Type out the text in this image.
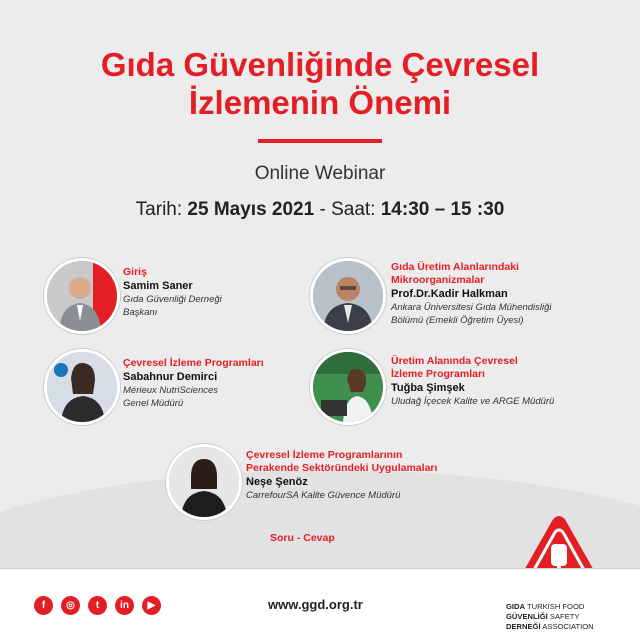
Gıda Güvenliğinde Çevresel
İzlemenin Önemi
Online Webinar
Tarih: 25 Mayıs 2021 - Saat: 14:30 – 15 :30
Giriş
Samim Saner
Gıda Güvenliği Derneği
Başkanı
Gıda Üretim Alanlarındaki
Mikroorganizmalar
Prof.Dr.Kadir Halkman
Ankara Üniversitesi Gıda Mühendisliği
Bölümü (Emekli Öğretim Üyesi)
Çevresel İzleme Programları
Sabahnur Demirci
Mérieux NutriSciences
Genel Müdürü
Üretim Alanında Çevresel
İzleme Programları
Tuğba Şimşek
Uludağ İçecek Kalite ve ARGE Müdürü
Çevresel İzleme Programlarının
Perakende Sektöründeki Uygulamaları
Neşe Şenöz
CarrefourSA Kalite Güvence Müdürü
Soru - Cevap
f	◎	t	in	▶	www.ggd.org.tr	GIDA TURKISH FOOD
GÜVENLİĞİ SAFETY
DERNEĞİ ASSOCIATION
